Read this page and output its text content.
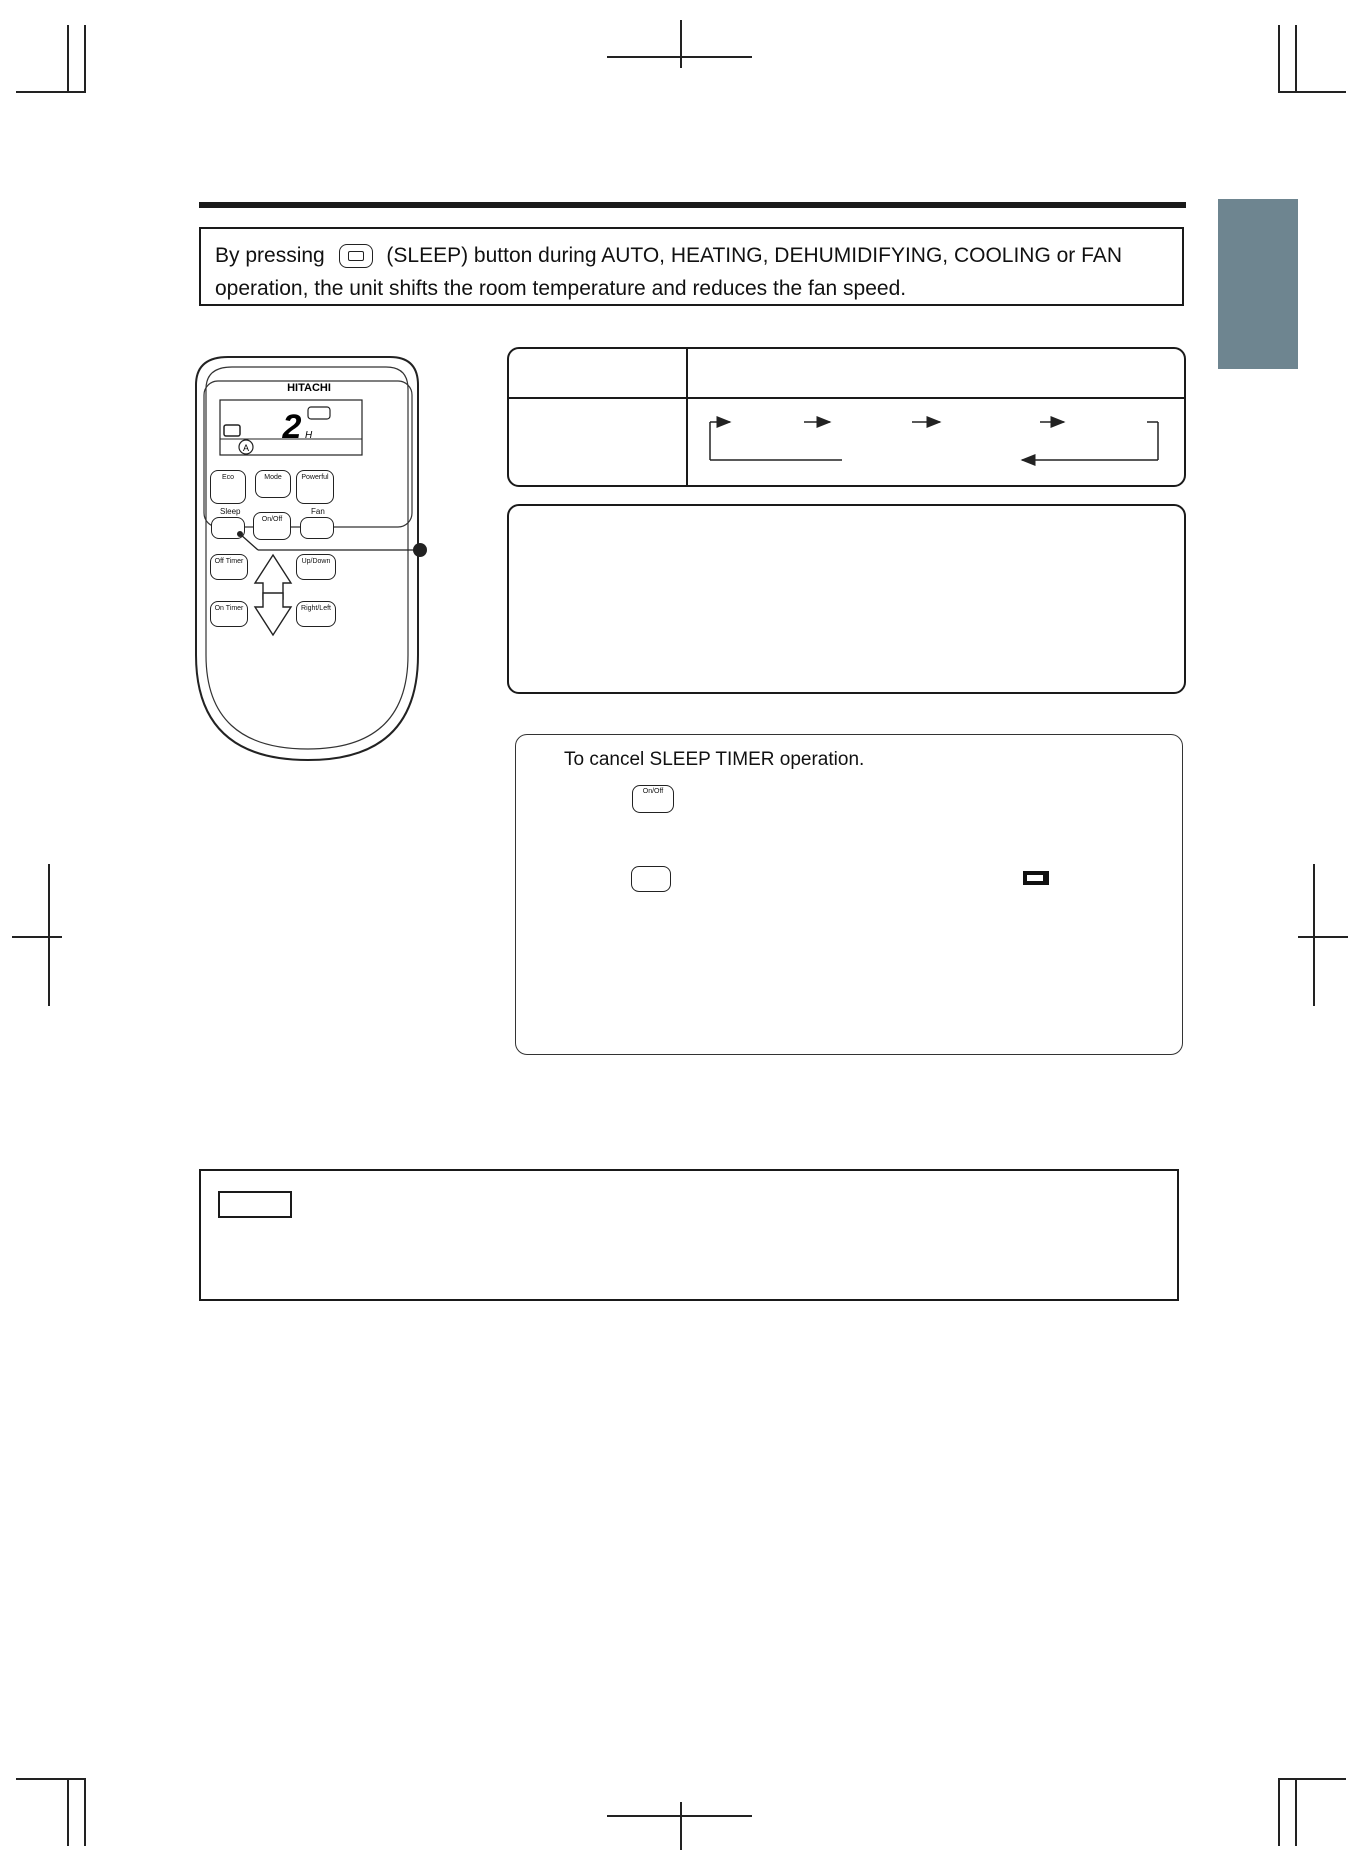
By pressing	(SLEEP) button during AUTO, HEATING, DEHUMIDIFYING, COOLING or FAN operation, the unit shifts the room temperature and reduces the fan speed.
HITACHI
2 H
A
Eco	Mode	Powerful
Sleep
On/Off
Fan
Off Timer	Up/Down
On Timer	Right/Left
To cancel SLEEP TIMER operation.
On/Off
